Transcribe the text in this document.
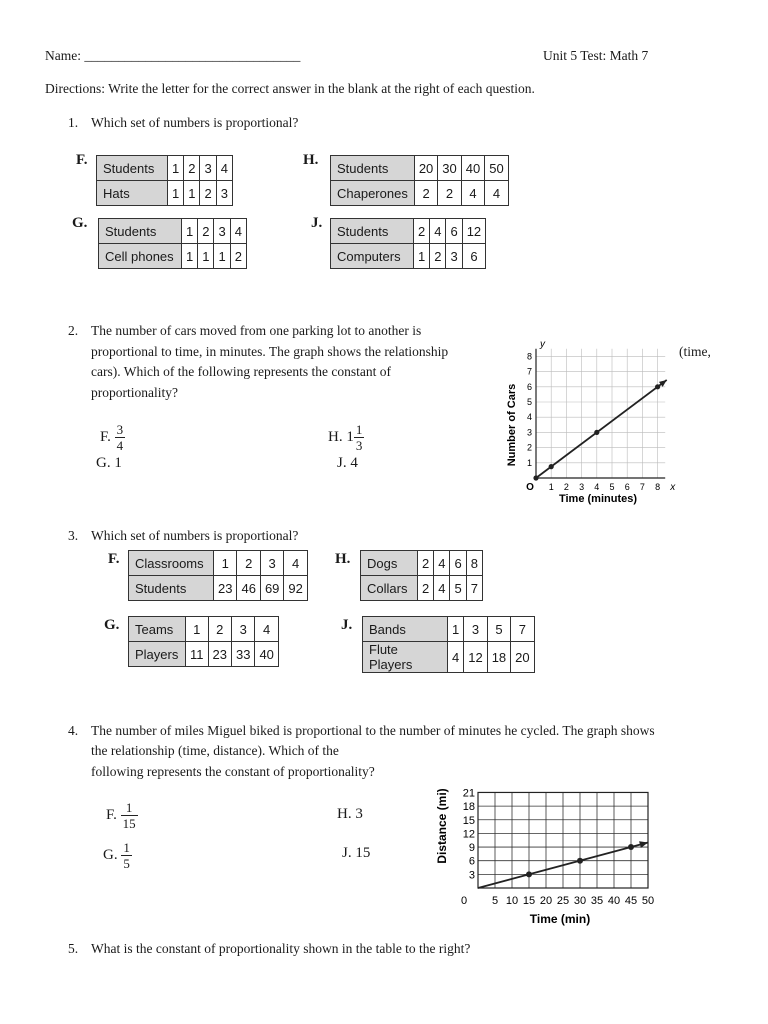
Name: ________________________________	Unit 5 Test: Math 7
Directions: Write the letter for the correct answer in the blank at the right of each question.
1. Which set of numbers is proportional?
F. Students	1	2	3	4
Hats	1	1	2	3
H. Students	20	30	40	50
Chaperones	2	2	4	4
G. Students	1	2	3	4
Cell phones	1	1	1	2
J. Students	2	4	6	12
Computers	1	2	3	6
2. The number of cars moved from one parking lot to another is
proportional to time, in minutes. The graph shows the relationship	(time,
cars). Which of the following represents the constant of
proportionality?
F. $\frac{3}{4}$
G. 1
H. $1 \frac{1}{3}$
J. 4
1 2 3 4 5 6 7 8
1
2
3
4
5
6
7
8
O	x
y
Number of Cars
Time (minutes)
3. Which set of numbers is proportional?
F. Classrooms	1	2	3	4
Students	23	46	69	92
H. Dogs	2	4	6	8
Collars	2	4	5	7
G. Teams	1	2	3	4
Players	11	23	33	40
J. Bands	1	3	5	7
Flute Players	4	12	18	20
4. The number of miles Miguel biked is proportional to the number of minutes he cycled. The graph shows
the relationship (time, distance). Which of the
following represents the constant of proportionality?
F. $\frac{1}{15}$
G. $\frac{1}{5}$
H. 3
J. 15
0 5 10 15 20 25 30 35 40 45 50
3
6
9
12
15
18
21
Distance (mi)
Time (min)
5. What is the constant of proportionality shown in the table to the right?
